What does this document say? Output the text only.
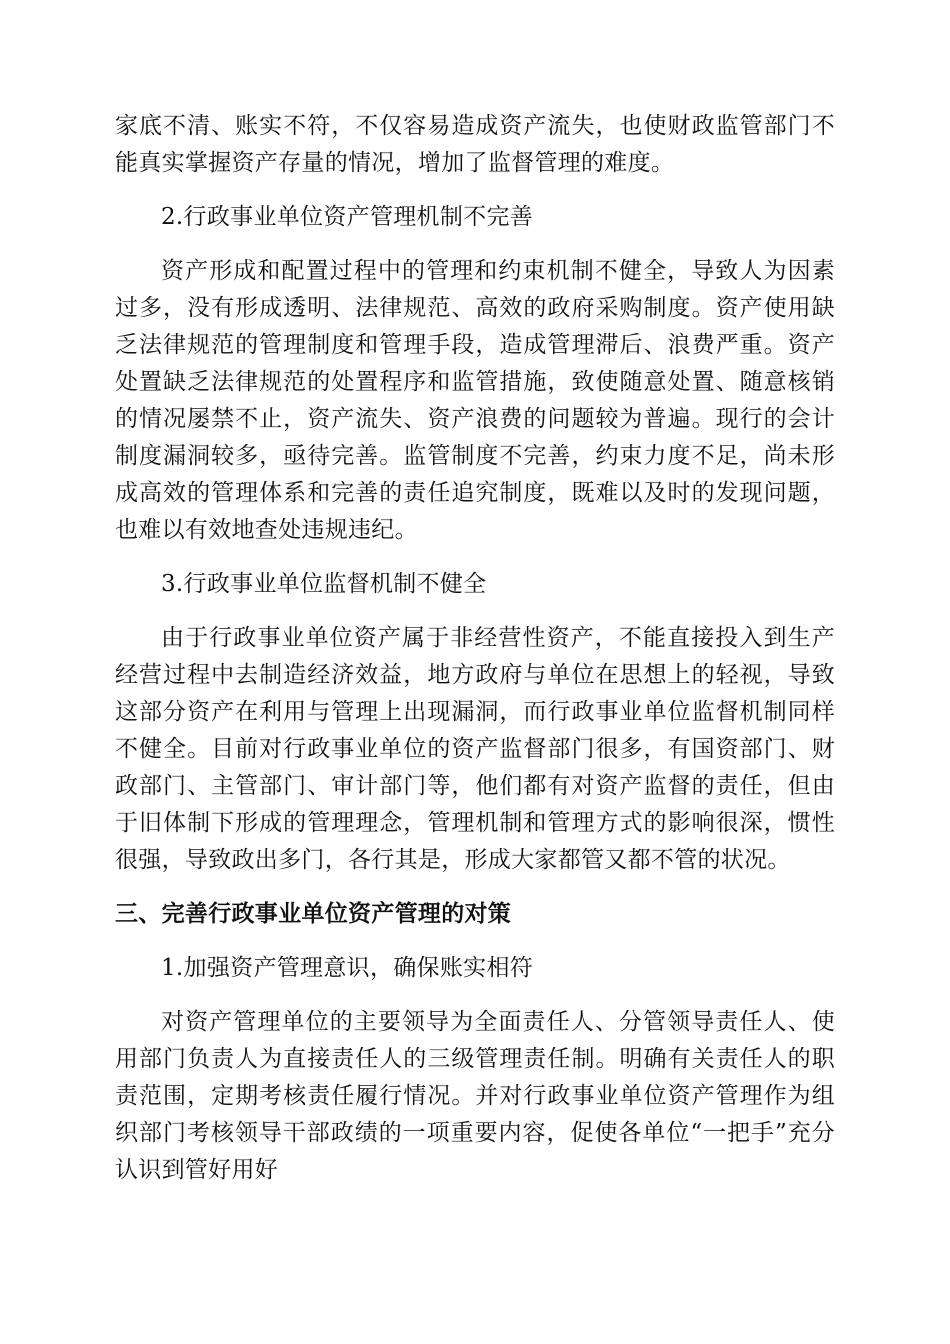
家底不清、账实不符，不仅容易造成资产流失，也使财政监管部门不能真实掌握资产存量的情况，增加了监督管理的难度。

2.行政事业单位资产管理机制不完善

资产形成和配置过程中的管理和约束机制不健全，导致人为因素过多，没有形成透明、法律规范、高效的政府采购制度。资产使用缺乏法律规范的管理制度和管理手段，造成管理滞后、浪费严重。资产处置缺乏法律规范的处置程序和监管措施，致使随意处置、随意核销的情况屡禁不止，资产流失、资产浪费的问题较为普遍。现行的会计制度漏洞较多，亟待完善。监管制度不完善，约束力度不足，尚未形成高效的管理体系和完善的责任追究制度，既难以及时的发现问题，也难以有效地查处违规违纪。

3.行政事业单位监督机制不健全

由于行政事业单位资产属于非经营性资产，不能直接投入到生产经营过程中去制造经济效益，地方政府与单位在思想上的轻视，导致这部分资产在利用与管理上出现漏洞，而行政事业单位监督机制同样不健全。目前对行政事业单位的资产监督部门很多，有国资部门、财政部门、主管部门、审计部门等，他们都有对资产监督的责任，但由于旧体制下形成的管理理念，管理机制和管理方式的影响很深，惯性很强，导致政出多门，各行其是，形成大家都管又都不管的状况。

三、完善行政事业单位资产管理的对策

1.加强资产管理意识，确保账实相符

对资产管理单位的主要领导为全面责任人、分管领导责任人、使用部门负责人为直接责任人的三级管理责任制。明确有关责任人的职责范围，定期考核责任履行情况。并对行政事业单位资产管理作为组织部门考核领导干部政绩的一项重要内容，促使各单位“一把手”充分认识到管好用好
